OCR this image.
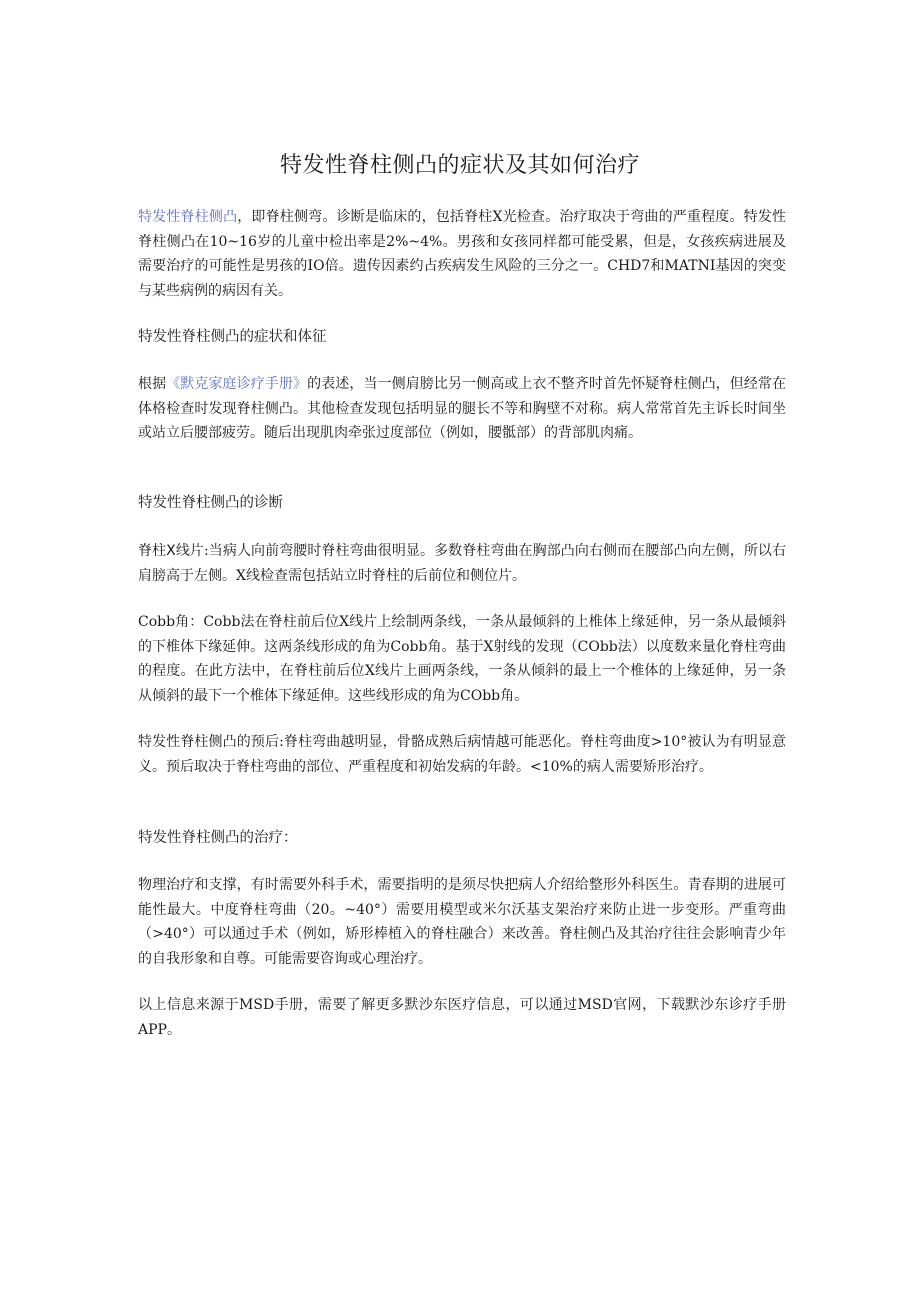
特发性脊柱侧凸的症状及其如何治疗
特发性脊柱侧凸，即脊柱侧弯。诊断是临床的，包括脊柱X光检查。治疗取决于弯曲的严重程度。特发性脊柱侧凸在10~16岁的儿童中检出率是2%~4%。男孩和女孩同样都可能受累，但是，女孩疾病进展及需要治疗的可能性是男孩的IO倍。遗传因素约占疾病发生风险的三分之一。CHD7和MATNI基因的突变与某些病例的病因有关。
特发性脊柱侧凸的症状和体征
根据《默克家庭诊疗手册》的表述，当一侧肩膀比另一侧高或上衣不整齐时首先怀疑脊柱侧凸，但经常在体格检查时发现脊柱侧凸。其他检查发现包括明显的腿长不等和胸壁不对称。病人常常首先主诉长时间坐或站立后腰部疲劳。随后出现肌肉牵张过度部位（例如，腰骶部）的背部肌肉痛。
特发性脊柱侧凸的诊断
脊柱X线片:当病人向前弯腰时脊柱弯曲很明显。多数脊柱弯曲在胸部凸向右侧而在腰部凸向左侧，所以右肩膀高于左侧。X线检查需包括站立时脊柱的后前位和侧位片。
Cobb角：Cobb法在脊柱前后位X线片上绘制两条线，一条从最倾斜的上椎体上缘延伸，另一条从最倾斜的下椎体下缘延伸。这两条线形成的角为Cobb角。基于X射线的发现（CObb法）以度数来量化脊柱弯曲的程度。在此方法中，在脊柱前后位X线片上画两条线，一条从倾斜的最上一个椎体的上缘延伸，另一条从倾斜的最下一个椎体下缘延伸。这些线形成的角为CObb角。
特发性脊柱侧凸的预后:脊柱弯曲越明显，骨骼成熟后病情越可能恶化。脊柱弯曲度>10°被认为有明显意义。预后取决于脊柱弯曲的部位、严重程度和初始发病的年龄。<10%的病人需要矫形治疗。
特发性脊柱侧凸的治疗：
物理治疗和支撑，有时需要外科手术，需要指明的是须尽快把病人介绍给整形外科医生。青春期的进展可能性最大。中度脊柱弯曲（20。~40°）需要用模型或米尔沃基支架治疗来防止进一步变形。严重弯曲（>40°）可以通过手术（例如，矫形棒植入的脊柱融合）来改善。脊柱侧凸及其治疗往往会影响青少年的自我形象和自尊。可能需要咨询或心理治疗。
以上信息来源于MSD手册，需要了解更多默沙东医疗信息，可以通过MSD官网，下载默沙东诊疗手册APP。
